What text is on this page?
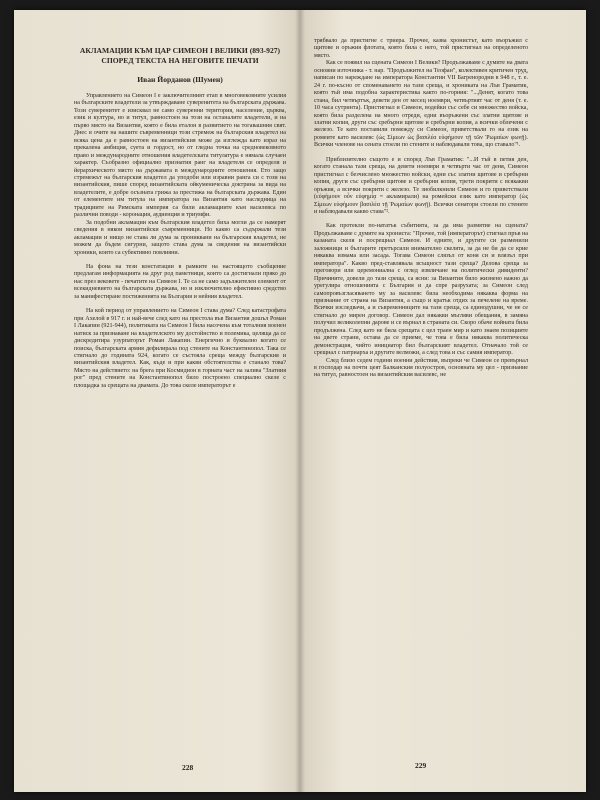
АКЛАМАЦИИ КЪМ ЦАР СИМЕОН I ВЕЛИКИ (893-927)
СПОРЕД ТЕКСТА НА НЕГОВИТЕ ПЕЧАТИ
Иван Йорданов (Шумен)

Управлението на Симеон I е заключителният етап в многовековните усилия на българските владетели за утвърждаване суверенитета на българската държава. Този суверенитет е изисквал не само суверенни територия, население, църква, език и култура, но и титул, равностоен на този на останалите владетели, и на първо място на Византия, която е била еталон в развитието на тогавашния свят. Днес в очите на нашите съвременници този стремеж на българския владетел на всяка цена да е равностоен на византийския може да изглежда като израз на прекалена амбиция, суета и гордост, но от гледна точка на средновековното право и международните отношения владетелската титулатура е нямала случаен характер. Съобразно официално признатия ранг на владетеля се определя и йерархическото място на държавата в международните отношения. Ето защо стремежът на българския владетел да уподоби или изравни ранга си с този на византийския, пише според византийската ойкуменическа доктрина за вида на владетелите, е добре осъзната грижа за престижа на българската държава. Един от елементите им титула на императора на Византия като наследница на традициите на Римската империя са били акламациите към василевса по различни поводи - коронация, аудиенция и триумфи.

За подобни акламации към българския владетел биха могли да се намерят сведения в някои византийски съвременници. Но какво са съдържали тези акламации и нищо не става ли дума за прониквани на българския владетел, не можем да бъдем сигурни, защото става дума за сведения на византийски хроники, които са субективно повлияни.

На фона на тези констатации в рамките на настоящото съобщение предлагам информацията на друг род паметници, които са достигнали пряко до нас през вековете - печатите на Симеон I. Те са не само задължителен елемент от всекидневието на българската държава, но и изключително ефективно средство за манифестиране постиженията на България и нейния владетел.

На кой период от управлението на Симеон I става дума? След катастрофата при Ахелой в 917 г. и най-вече след като на престола във Византия дошъл Роман I Лакапин (921-944), политиката на Симеон I била насочена към тоталния военен натиск за признаване на владетелското му достойнство и полемика, целяща да се дискредитира узурпаторът Роман Лакапин. Енергично и буквално когато се поиска, българската армия дефилирала под стените на Константинопол. Така се стигнало до годината 924, когато се състояла среща между българския и византийския владетел. Как, къде и при какви обстоятелства е станало това? Място на действието: на брега при Космидион в горната част на залива "Златния рог" пред стените на Константинопол било построено специално скеле с площадка за срещата на двамата. До това скеле императорът е

228

трябвало да пристигне с триера. Прочее, казва хронистът, като въоръжил с щитове и оръжия флотата, която била с него, той пристигнал на определеното място.

Как се появил на сцената Симеон I Велики? Продължаваме с думите на двата основни източника - т. нар. "Продължител на Теофан", колективен критичен труд, написан по нареждане на императора Константин VII Багренородни в 948 г., т. е. 24 г. по-късно от споменаването на тази среща, и хрониката на Лъв Граматик, която тъй има подобна характеристика както по-горния: "...Денят, когато това стана, бил четвъртък, девети ден от месец ноември, четвъртият час от деня (т. е. 10 часа сутринта). Пристигнал и Симеон, водейки със себе си множество войска, която била разделена на много отреди, едни въоръжени със златни щитове и златни копия, други със сребърни щитове и сребърни копия, а всички облечени с железо. Те като поставили помежду си Симеон, приветствали го на език на ромеите като василевс (ὡς Σίμεων ὡς βασιλέα εὐφήμουν τῇ τῶν Ῥωμαίων φωνῇ). Всички членове на сената стоели по стените и наблюдавали това, що ставало"¹.

Приблизително същото е и според Лъв Граматик: "...И тъй в петия ден, когато станала тази среща, на девети ноември в четвърти час от деня, Симеон пристигнал с безчислено множество войски, едни със златни щитове и сребърни копия, други със сребърни щитове и сребърни копия, трети покрити с всякакви оръжия, а всички покрити с железо. Те зиобилкнили Симеон и го приветствали (εὐφήμουν οὖν εὐφημίᾳ = акламирали) на ромейски език като император (ὡς Σίμεων εὐφήμουν βασιλέα τῇ Ῥωμαίων φωνῇ). Всички сенатори стоели по стените и наблюдавали какво става"².

Как протекли по-нататък събитията, за да има размятие на сцената? Продължаваме с думите на хрониста: "Прочее, той (императорът) стигнал пръв на казаната скеля и посрещнал Симеон. И едните, и другите си разменили заложници и българите претърсили внимателно скелята, за да не би да се крие някаква измама или засада. Тогава Симеон слязъл от коня си и влязъл при императора". Какво пред-ставлявала всъщност тази среща? Делова среща за преговори или церемониална с оглед извличане на политически дивиденти? Причините, довели до тази среща, са ясни: за Византия било жизнено важно да урегулира отношенията с България и да спре разрухата; за Симеон след самопровъзгласяването му за василевс била необходима някаква форма на признание от страна на Византия, а също и кратък отдих за печелене на време. Всички изследвачи, а и съвременниците на тази среща, са единодушни, че не се стигнало до мирен договор. Симеон дал някакви мъгляви обещания, в замяна получил великолепни дарове и се върнал в страната си. Скоро обаче войната била продължена. След като не била срещата с цел траен мир и като знаем позициите на двете страни, остава да се приеме, че това е била някаква политическа демонстрация, чийто инициатор бил българският владетел. Отначало той се срещнал с патриарха и другите велможи, а след това и със самия император.

След близо седем години военни действия, въпреки че Симеон се превърнал в господар на почти цеят Балканския полуостров, основната му цел - признание на титул, равностоен на византийския василевс, не

229
